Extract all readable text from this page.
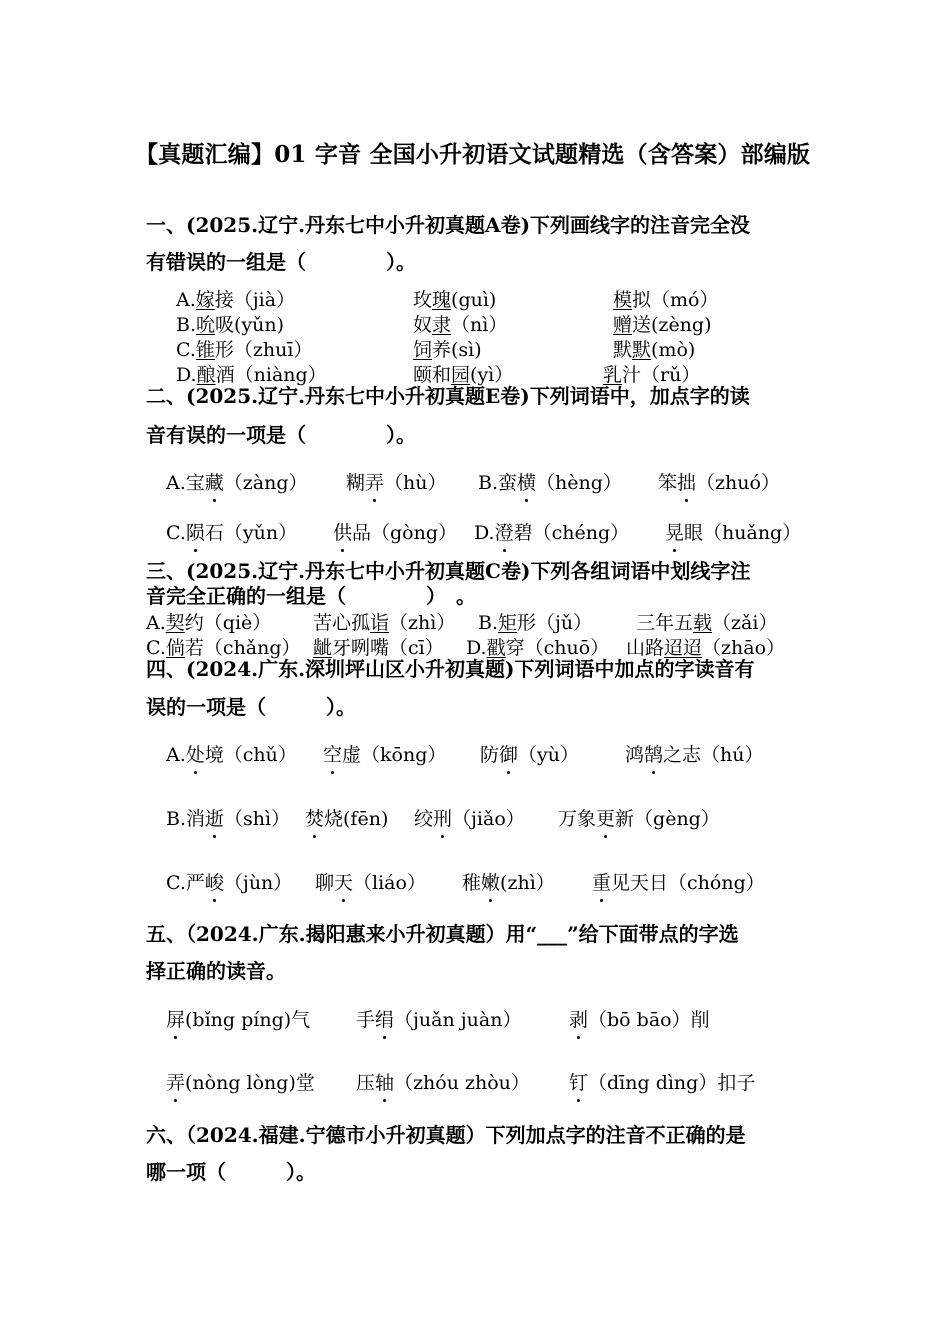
【真题汇编】01 字音 全国小升初语文试题精选（含答案）部编版
一、(2025.辽宁.丹东七中小升初真题A卷)下列画线字的注音完全没
有错误的一组是（　　　　）。
A.嫁接（jià）	玫瑰(guì)	模拟（mó）
B.吮吸(yǔn)	奴隶（nì）	赠送(zèng)
C.锥形（zhuī）	饲养(sì)	默默(mò)
D.酿酒（niàng）	颐和园(yì）	乳汁（rǔ）
二、(2025.辽宁.丹东七中小升初真题E卷)下列词语中，加点字的读
音有误的一项是（　　　　）。
A.宝藏（zàng） 糊弄（hù） B.蛮横（hèng） 笨拙（zhuó）
C.陨石（yǔn） 供品（gòng） D.澄碧（chéng） 晃眼（huǎng）
三、(2025.辽宁.丹东七中小升初真题C卷)下列各组词语中划线字注
音完全正确的一组是（　　　　）　。
A.契约（qiè） 苦心孤诣（zhì） B.矩形（jǔ） 三年五载（zǎi）
C.倘若（chǎng） 龇牙咧嘴（cī） D.戳穿（chuō） 山路迢迢（zhāo）
四、(2024.广东.深圳坪山区小升初真题)下列词语中加点的字读音有
误的一项是（　　　）。
A.处境（chǔ） 空虚（kōng） 防御（yù） 鸿鹄之志（hú）
B.消逝（shì） 焚烧(fēn) 绞刑（jiǎo） 万象更新（gèng）
C.严峻（jùn） 聊天（liáo） 稚嫩(zhì） 重见天日（chóng）
五、（2024.广东.揭阳惠来小升初真题）用“___”给下面带点的字选
择正确的读音。
屏(bǐng píng)气 手绢（juǎn juàn）	剥（bō bāo）削
弄(nòng lòng)堂 压轴（zhóu zhòu） 钉（dīng dìng）扣子
六、（2024.福建.宁德市小升初真题）下列加点字的注音不正确的是
哪一项（　　　）。
